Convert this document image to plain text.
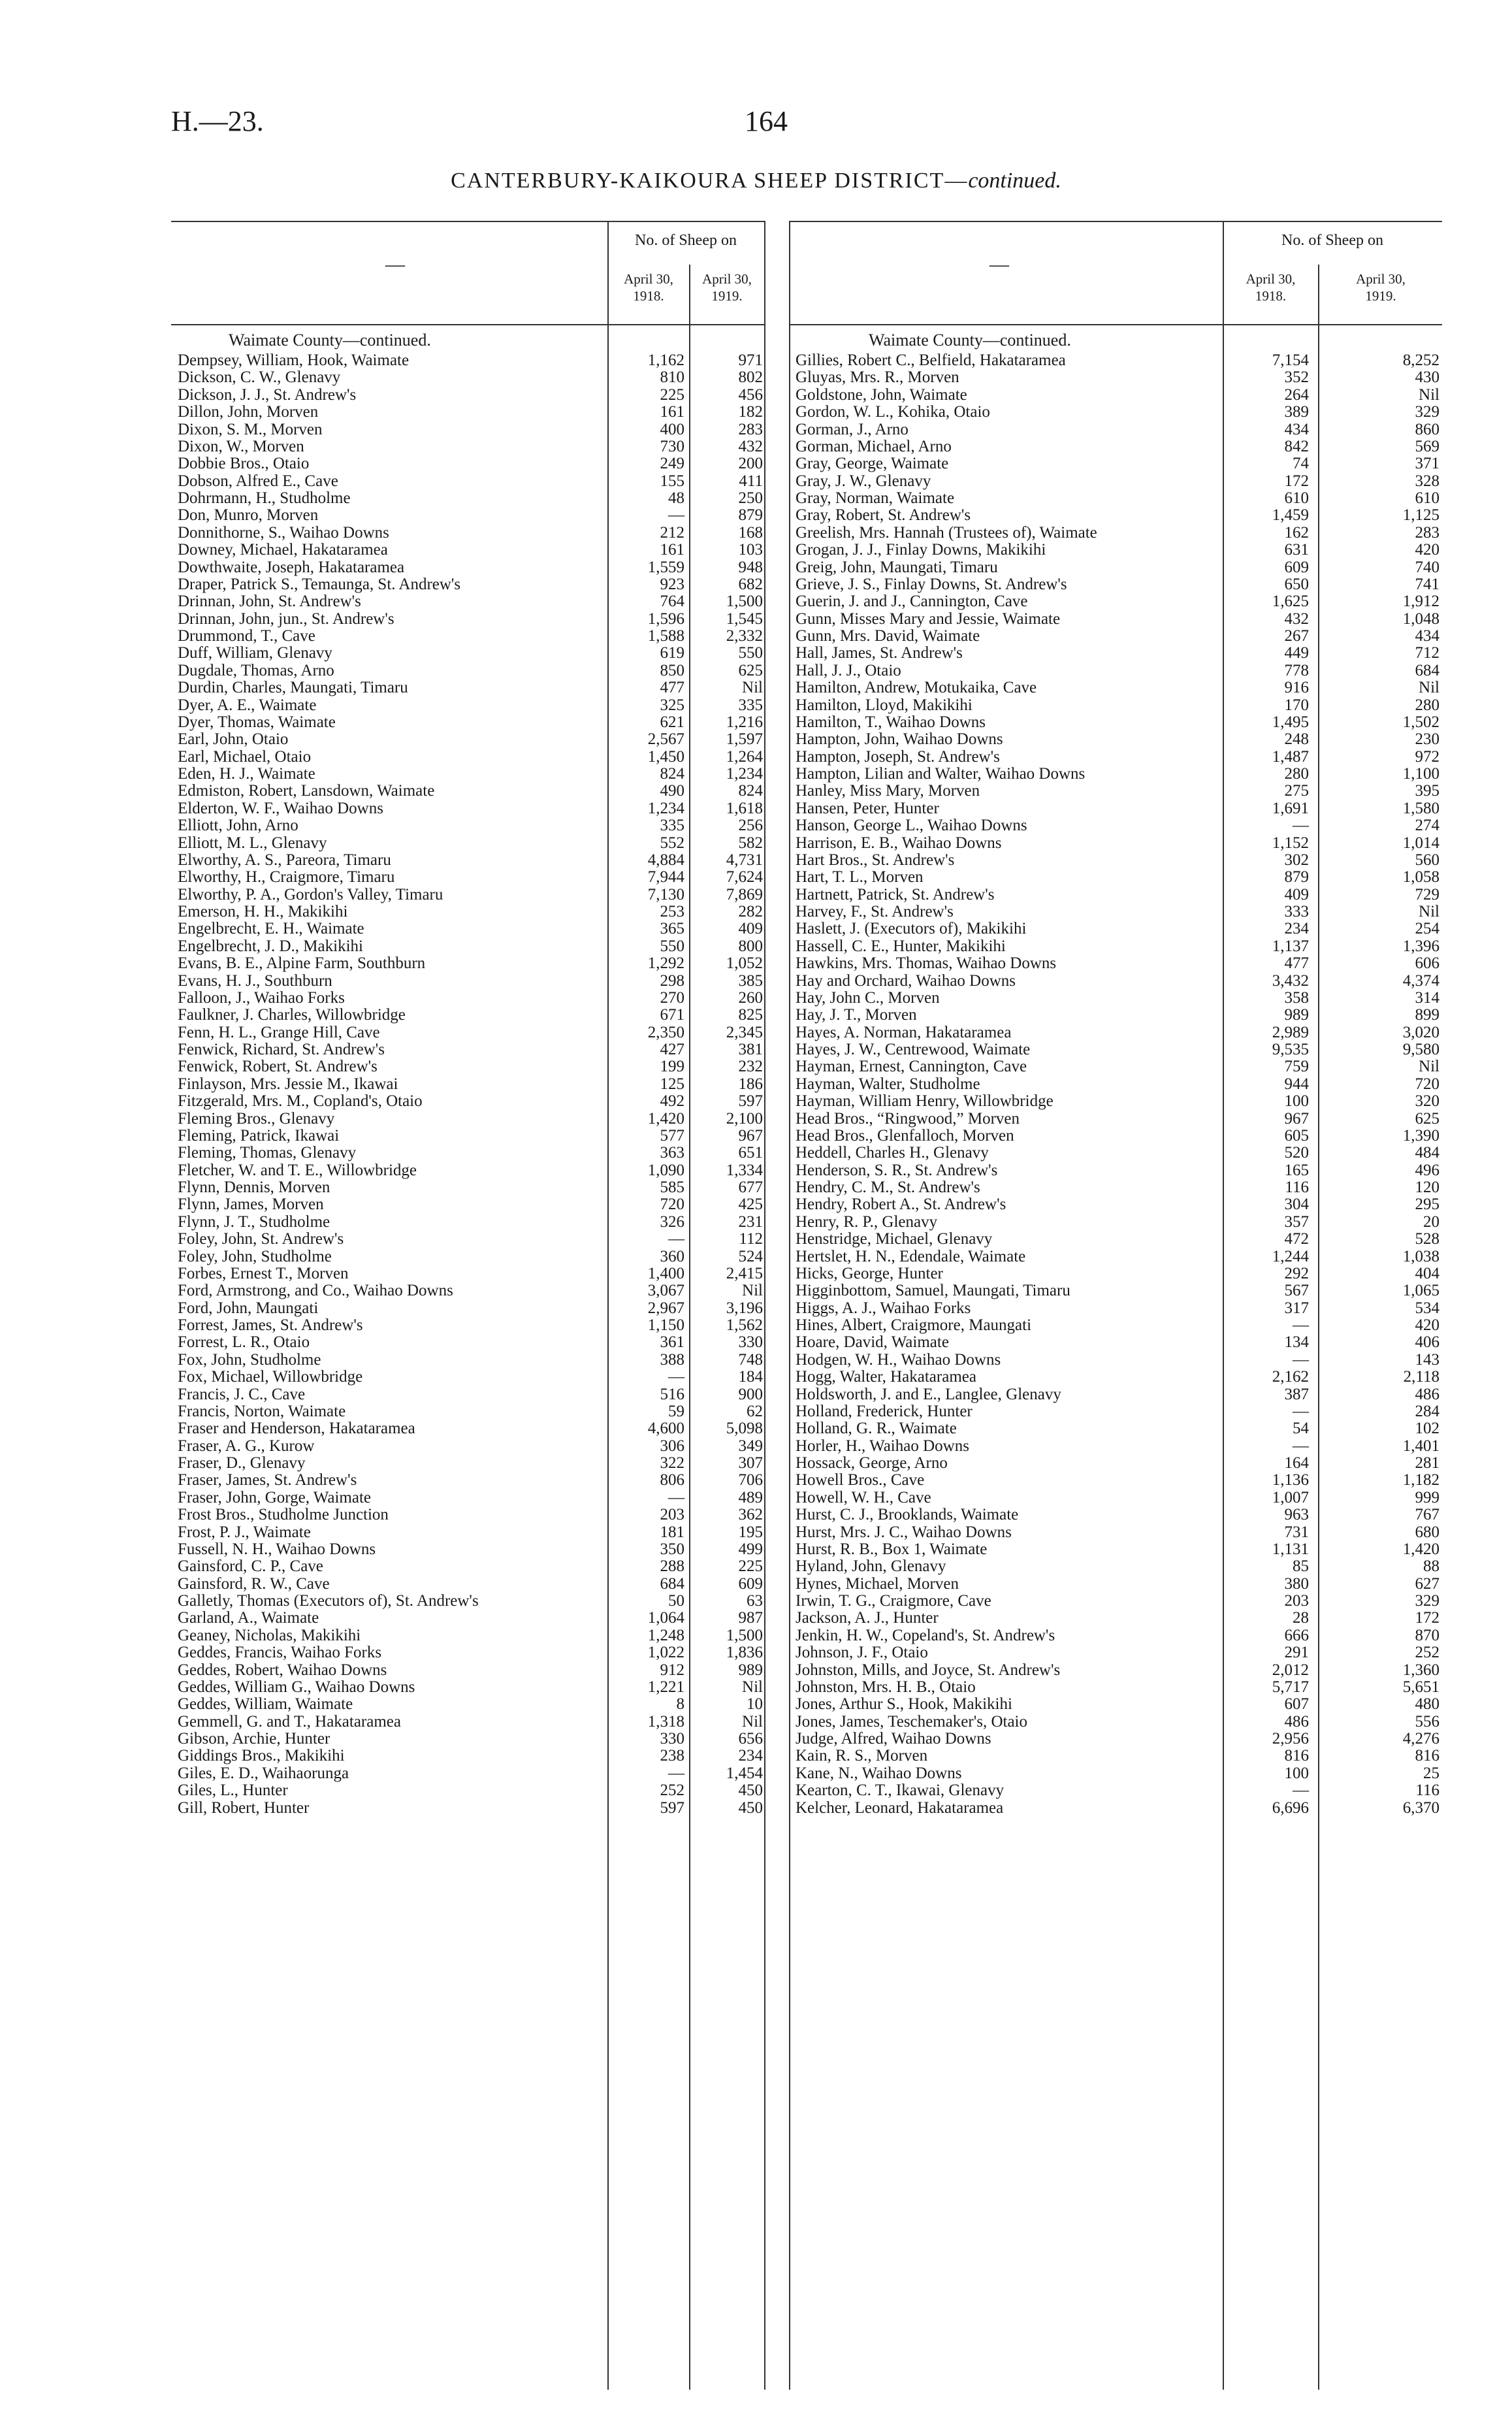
H.—23.	164
CANTERBURY-KAIKOURA SHEEP DISTRICT—continued.
—
No. of Sheep on
April 30,
1918.
April 30,
1919.
—
No. of Sheep on
April 30,
1918.
April 30,
1919.
Waimate County—continued.	Waimate County—continued.
Dempsey, William, Hook, Waimate	1,162	971
Dickson, C. W., Glenavy	810	802
Dickson, J. J., St. Andrew's	225	456
Dillon, John, Morven	161	182
Dixon, S. M., Morven	400	283
Dixon, W., Morven	730	432
Dobbie Bros., Otaio	249	200
Dobson, Alfred E., Cave	155	411
Dohrmann, H., Studholme	48	250
Don, Munro, Morven	—	879
Donnithorne, S., Waihao Downs	212	168
Downey, Michael, Hakataramea	161	103
Dowthwaite, Joseph, Hakataramea	1,559	948
Draper, Patrick S., Temaunga, St. Andrew's	923	682
Drinnan, John, St. Andrew's	764	1,500
Drinnan, John, jun., St. Andrew's	1,596	1,545
Drummond, T., Cave	1,588	2,332
Duff, William, Glenavy	619	550
Dugdale, Thomas, Arno	850	625
Durdin, Charles, Maungati, Timaru	477	Nil
Dyer, A. E., Waimate	325	335
Dyer, Thomas, Waimate	621	1,216
Earl, John, Otaio	2,567	1,597
Earl, Michael, Otaio	1,450	1,264
Eden, H. J., Waimate	824	1,234
Edmiston, Robert, Lansdown, Waimate	490	824
Elderton, W. F., Waihao Downs	1,234	1,618
Elliott, John, Arno	335	256
Elliott, M. L., Glenavy	552	582
Elworthy, A. S., Pareora, Timaru	4,884	4,731
Elworthy, H., Craigmore, Timaru	7,944	7,624
Elworthy, P. A., Gordon's Valley, Timaru	7,130	7,869
Emerson, H. H., Makikihi	253	282
Engelbrecht, E. H., Waimate	365	409
Engelbrecht, J. D., Makikihi	550	800
Evans, B. E., Alpine Farm, Southburn	1,292	1,052
Evans, H. J., Southburn	298	385
Falloon, J., Waihao Forks	270	260
Faulkner, J. Charles, Willowbridge	671	825
Fenn, H. L., Grange Hill, Cave	2,350	2,345
Fenwick, Richard, St. Andrew's	427	381
Fenwick, Robert, St. Andrew's	199	232
Finlayson, Mrs. Jessie M., Ikawai	125	186
Fitzgerald, Mrs. M., Copland's, Otaio	492	597
Fleming Bros., Glenavy	1,420	2,100
Fleming, Patrick, Ikawai	577	967
Fleming, Thomas, Glenavy	363	651
Fletcher, W. and T. E., Willowbridge	1,090	1,334
Flynn, Dennis, Morven	585	677
Flynn, James, Morven	720	425
Flynn, J. T., Studholme	326	231
Foley, John, St. Andrew's	—	112
Foley, John, Studholme	360	524
Forbes, Ernest T., Morven	1,400	2,415
Ford, Armstrong, and Co., Waihao Downs	3,067	Nil
Ford, John, Maungati	2,967	3,196
Forrest, James, St. Andrew's	1,150	1,562
Forrest, L. R., Otaio	361	330
Fox, John, Studholme	388	748
Fox, Michael, Willowbridge	—	184
Francis, J. C., Cave	516	900
Francis, Norton, Waimate	59	62
Fraser and Henderson, Hakataramea	4,600	5,098
Fraser, A. G., Kurow	306	349
Fraser, D., Glenavy	322	307
Fraser, James, St. Andrew's	806	706
Fraser, John, Gorge, Waimate	—	489
Frost Bros., Studholme Junction	203	362
Frost, P. J., Waimate	181	195
Fussell, N. H., Waihao Downs	350	499
Gainsford, C. P., Cave	288	225
Gainsford, R. W., Cave	684	609
Galletly, Thomas (Executors of), St. Andrew's	50	63
Garland, A., Waimate	1,064	987
Geaney, Nicholas, Makikihi	1,248	1,500
Geddes, Francis, Waihao Forks	1,022	1,836
Geddes, Robert, Waihao Downs	912	989
Geddes, William G., Waihao Downs	1,221	Nil
Geddes, William, Waimate	8	10
Gemmell, G. and T., Hakataramea	1,318	Nil
Gibson, Archie, Hunter	330	656
Giddings Bros., Makikihi	238	234
Giles, E. D., Waihaorunga	—	1,454
Giles, L., Hunter	252	450
Gill, Robert, Hunter	597	450
Gillies, Robert C., Belfield, Hakataramea	7,154	8,252
Gluyas, Mrs. R., Morven	352	430
Goldstone, John, Waimate	264	Nil
Gordon, W. L., Kohika, Otaio	389	329
Gorman, J., Arno	434	860
Gorman, Michael, Arno	842	569
Gray, George, Waimate	74	371
Gray, J. W., Glenavy	172	328
Gray, Norman, Waimate	610	610
Gray, Robert, St. Andrew's	1,459	1,125
Greelish, Mrs. Hannah (Trustees of), Waimate	162	283
Grogan, J. J., Finlay Downs, Makikihi	631	420
Greig, John, Maungati, Timaru	609	740
Grieve, J. S., Finlay Downs, St. Andrew's	650	741
Guerin, J. and J., Cannington, Cave	1,625	1,912
Gunn, Misses Mary and Jessie, Waimate	432	1,048
Gunn, Mrs. David, Waimate	267	434
Hall, James, St. Andrew's	449	712
Hall, J. J., Otaio	778	684
Hamilton, Andrew, Motukaika, Cave	916	Nil
Hamilton, Lloyd, Makikihi	170	280
Hamilton, T., Waihao Downs	1,495	1,502
Hampton, John, Waihao Downs	248	230
Hampton, Joseph, St. Andrew's	1,487	972
Hampton, Lilian and Walter, Waihao Downs	280	1,100
Hanley, Miss Mary, Morven	275	395
Hansen, Peter, Hunter	1,691	1,580
Hanson, George L., Waihao Downs	—	274
Harrison, E. B., Waihao Downs	1,152	1,014
Hart Bros., St. Andrew's	302	560
Hart, T. L., Morven	879	1,058
Hartnett, Patrick, St. Andrew's	409	729
Harvey, F., St. Andrew's	333	Nil
Haslett, J. (Executors of), Makikihi	234	254
Hassell, C. E., Hunter, Makikihi	1,137	1,396
Hawkins, Mrs. Thomas, Waihao Downs	477	606
Hay and Orchard, Waihao Downs	3,432	4,374
Hay, John C., Morven	358	314
Hay, J. T., Morven	989	899
Hayes, A. Norman, Hakataramea	2,989	3,020
Hayes, J. W., Centrewood, Waimate	9,535	9,580
Hayman, Ernest, Cannington, Cave	759	Nil
Hayman, Walter, Studholme	944	720
Hayman, William Henry, Willowbridge	100	320
Head Bros., “Ringwood,” Morven	967	625
Head Bros., Glenfalloch, Morven	605	1,390
Heddell, Charles H., Glenavy	520	484
Henderson, S. R., St. Andrew's	165	496
Hendry, C. M., St. Andrew's	116	120
Hendry, Robert A., St. Andrew's	304	295
Henry, R. P., Glenavy	357	20
Henstridge, Michael, Glenavy	472	528
Hertslet, H. N., Edendale, Waimate	1,244	1,038
Hicks, George, Hunter	292	404
Higginbottom, Samuel, Maungati, Timaru	567	1,065
Higgs, A. J., Waihao Forks	317	534
Hines, Albert, Craigmore, Maungati	—	420
Hoare, David, Waimate	134	406
Hodgen, W. H., Waihao Downs	—	143
Hogg, Walter, Hakataramea	2,162	2,118
Holdsworth, J. and E., Langlee, Glenavy	387	486
Holland, Frederick, Hunter	—	284
Holland, G. R., Waimate	54	102
Horler, H., Waihao Downs	—	1,401
Hossack, George, Arno	164	281
Howell Bros., Cave	1,136	1,182
Howell, W. H., Cave	1,007	999
Hurst, C. J., Brooklands, Waimate	963	767
Hurst, Mrs. J. C., Waihao Downs	731	680
Hurst, R. B., Box 1, Waimate	1,131	1,420
Hyland, John, Glenavy	85	88
Hynes, Michael, Morven	380	627
Irwin, T. G., Craigmore, Cave	203	329
Jackson, A. J., Hunter	28	172
Jenkin, H. W., Copeland's, St. Andrew's	666	870
Johnson, J. F., Otaio	291	252
Johnston, Mills, and Joyce, St. Andrew's	2,012	1,360
Johnston, Mrs. H. B., Otaio	5,717	5,651
Jones, Arthur S., Hook, Makikihi	607	480
Jones, James, Teschemaker's, Otaio	486	556
Judge, Alfred, Waihao Downs	2,956	4,276
Kain, R. S., Morven	816	816
Kane, N., Waihao Downs	100	25
Kearton, C. T., Ikawai, Glenavy	—	116
Kelcher, Leonard, Hakataramea	6,696	6,370
